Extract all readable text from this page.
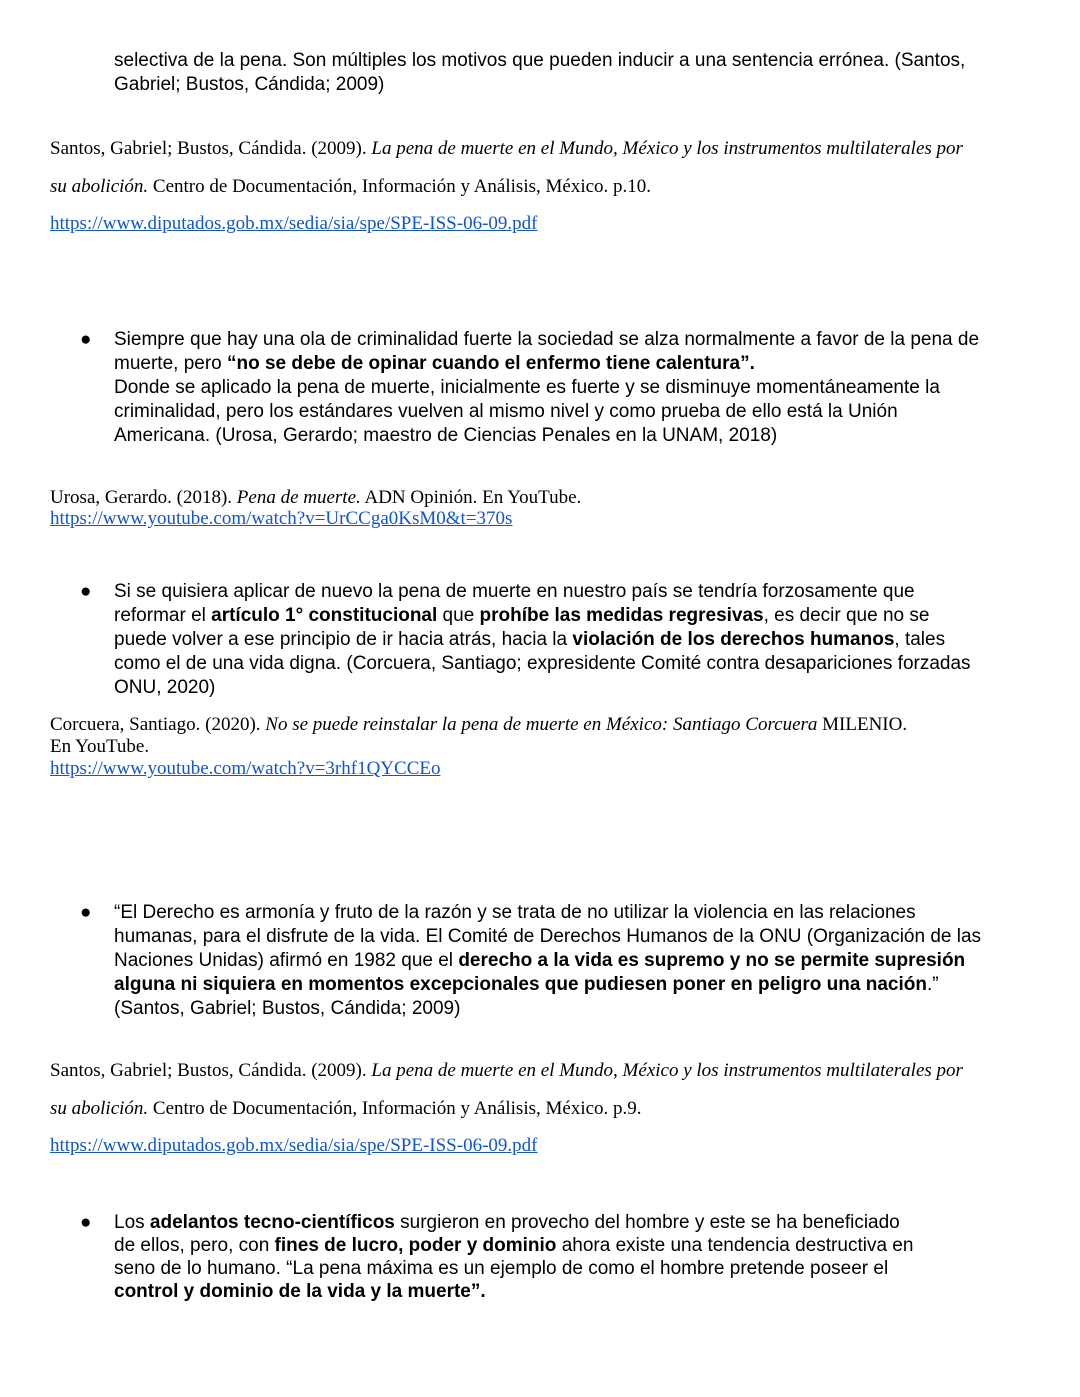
selectiva de la pena. Son múltiples los motivos que pueden inducir a una sentencia errónea. (Santos,
Gabriel; Bustos, Cándida; 2009)
Santos, Gabriel; Bustos, Cándida. (2009). La pena de muerte en el Mundo, México y los instrumentos multilaterales por
su abolición. Centro de Documentación, Información y Análisis, México. p.10.
https://www.diputados.gob.mx/sedia/sia/spe/SPE-ISS-06-09.pdf
● Siempre que hay una ola de criminalidad fuerte la sociedad se alza normalmente a favor de la pena de
muerte, pero “no se debe de opinar cuando el enfermo tiene calentura”.
Donde se aplicado la pena de muerte, inicialmente es fuerte y se disminuye momentáneamente la
criminalidad, pero los estándares vuelven al mismo nivel y como prueba de ello está la Unión
Americana. (Urosa, Gerardo; maestro de Ciencias Penales en la UNAM, 2018)
Urosa, Gerardo. (2018). Pena de muerte. ADN Opinión. En YouTube.
https://www.youtube.com/watch?v=UrCCga0KsM0&t=370s
● Si se quisiera aplicar de nuevo la pena de muerte en nuestro país se tendría forzosamente que
reformar el artículo 1° constitucional que prohíbe las medidas regresivas, es decir que no se
puede volver a ese principio de ir hacia atrás, hacia la violación de los derechos humanos, tales
como el de una vida digna. (Corcuera, Santiago; expresidente Comité contra desapariciones forzadas
ONU, 2020)
Corcuera, Santiago. (2020). No se puede reinstalar la pena de muerte en México: Santiago Corcuera MILENIO.
En YouTube.
https://www.youtube.com/watch?v=3rhf1QYCCEo
● “El Derecho es armonía y fruto de la razón y se trata de no utilizar la violencia en las relaciones
humanas, para el disfrute de la vida. El Comité de Derechos Humanos de la ONU (Organización de las
Naciones Unidas) afirmó en 1982 que el derecho a la vida es supremo y no se permite supresión
alguna ni siquiera en momentos excepcionales que pudiesen poner en peligro una nación.”
(Santos, Gabriel; Bustos, Cándida; 2009)
Santos, Gabriel; Bustos, Cándida. (2009). La pena de muerte en el Mundo, México y los instrumentos multilaterales por
su abolición. Centro de Documentación, Información y Análisis, México. p.9.
https://www.diputados.gob.mx/sedia/sia/spe/SPE-ISS-06-09.pdf
● Los adelantos tecno-científicos surgieron en provecho del hombre y este se ha beneficiado
de ellos, pero, con fines de lucro, poder y dominio ahora existe una tendencia destructiva en
seno de lo humano. “La pena máxima es un ejemplo de como el hombre pretende poseer el
control y dominio de la vida y la muerte”.
